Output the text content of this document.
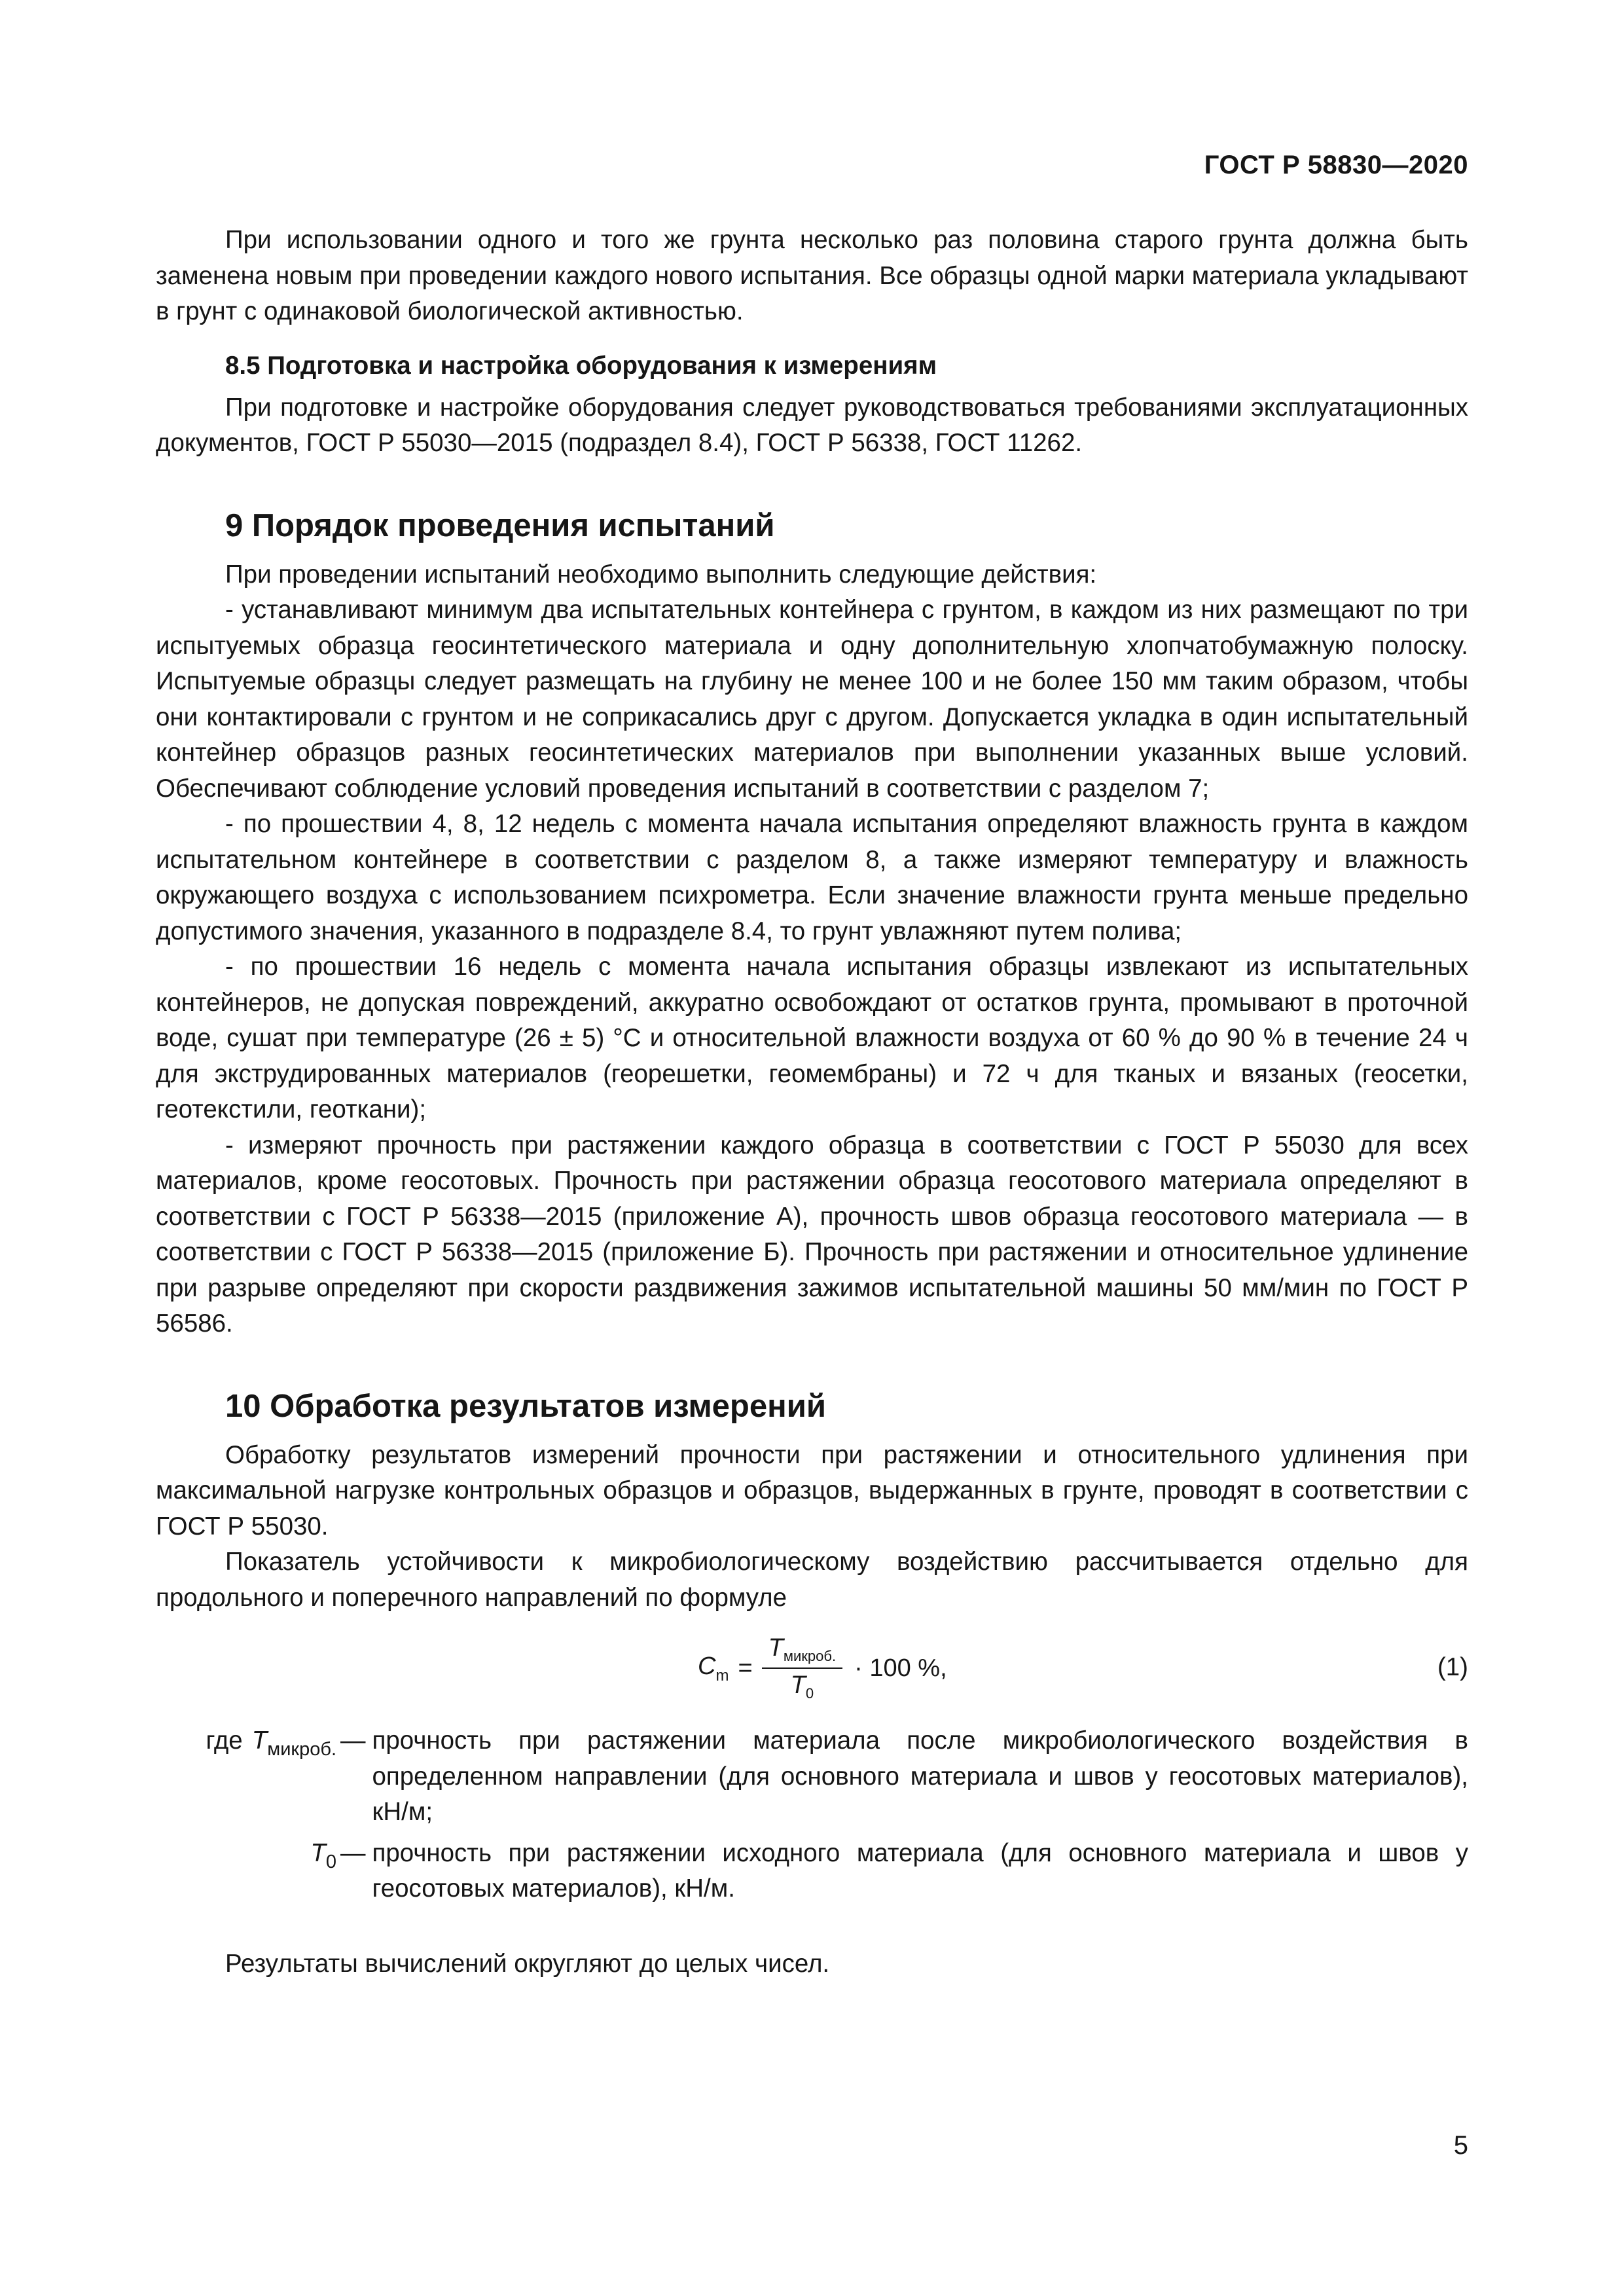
ГОСТ Р 58830—2020

При использовании одного и того же грунта несколько раз половина старого грунта должна быть заменена новым при проведении каждого нового испытания. Все образцы одной марки материала укладывают в грунт с одинаковой биологической активностью.

8.5 Подготовка и настройка оборудования к измерениям

При подготовке и настройке оборудования следует руководствоваться требованиями эксплуатационных документов, ГОСТ Р 55030—2015 (подраздел 8.4), ГОСТ Р 56338, ГОСТ 11262.

9 Порядок проведения испытаний

При проведении испытаний необходимо выполнить следующие действия:

- устанавливают минимум два испытательных контейнера с грунтом, в каждом из них размещают по три испытуемых образца геосинтетического материала и одну дополнительную хлопчатобумажную полоску. Испытуемые образцы следует размещать на глубину не менее 100 и не более 150 мм таким образом, чтобы они контактировали с грунтом и не соприкасались друг с другом. Допускается укладка в один испытательный контейнер образцов разных геосинтетических материалов при выполнении указанных выше условий. Обеспечивают соблюдение условий проведения испытаний в соответствии с разделом 7;

- по прошествии 4, 8, 12 недель с момента начала испытания определяют влажность грунта в каждом испытательном контейнере в соответствии с разделом 8, а также измеряют температуру и влажность окружающего воздуха с использованием психрометра. Если значение влажности грунта меньше предельно допустимого значения, указанного в подразделе 8.4, то грунт увлажняют путем полива;

- по прошествии 16 недель с момента начала испытания образцы извлекают из испытательных контейнеров, не допуская повреждений, аккуратно освобождают от остатков грунта, промывают в проточной воде, сушат при температуре (26 ± 5) °С и относительной влажности воздуха от 60 % до 90 % в течение 24 ч для экструдированных материалов (георешетки, геомембраны) и 72 ч для тканых и вязаных (геосетки, геотекстили, геоткани);

- измеряют прочность при растяжении каждого образца в соответствии с ГОСТ Р 55030 для всех материалов, кроме геосотовых. Прочность при растяжении образца геосотового материала определяют в соответствии с ГОСТ Р 56338—2015 (приложение А), прочность швов образца геосотового материала — в соответствии с ГОСТ Р 56338—2015 (приложение Б). Прочность при растяжении и относительное удлинение при разрыве определяют при скорости раздвижения зажимов испытательной машины 50 мм/мин по ГОСТ Р 56586.

10 Обработка результатов измерений

Обработку результатов измерений прочности при растяжении и относительного удлинения при максимальной нагрузке контрольных образцов и образцов, выдержанных в грунте, проводят в соответствии с ГОСТ Р 55030.

Показатель устойчивости к микробиологическому воздействию рассчитывается отдельно для продольного и поперечного направлений по формуле

$C_m = \frac{T_{микроб.}}{T_0} \cdot 100$ %,	(1)
где $T_{микроб.}$ — прочность при растяжении материала после микробиологического воздействия в определенном направлении (для основного материала и швов у геосотовых материалов), кН/м;
$T_0$ — прочность при растяжении исходного материала (для основного материала и швов у геосотовых материалов), кН/м.

Результаты вычислений округляют до целых чисел.

5
